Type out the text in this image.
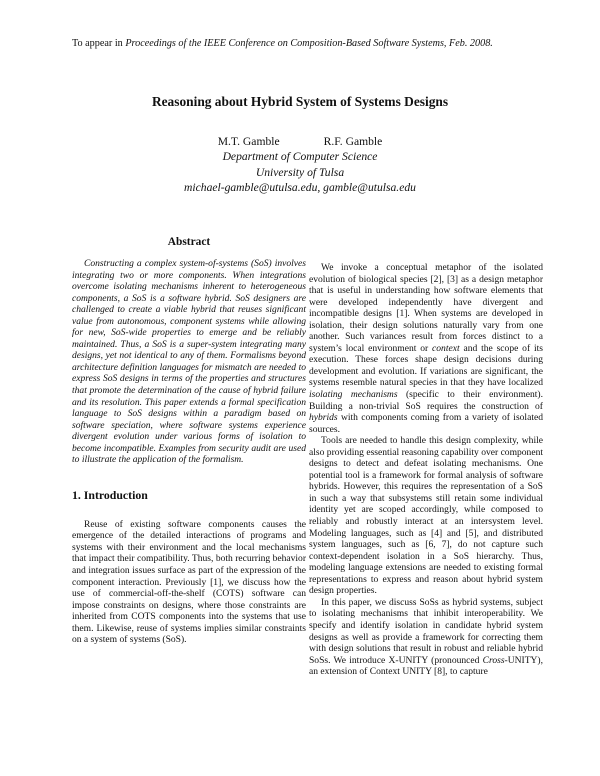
To appear in Proceedings of the IEEE Conference on Composition-Based Software Systems, Feb. 2008.
Reasoning about Hybrid System of Systems Designs
M.T. Gamble	R.F. Gamble
Department of Computer Science
University of Tulsa
michael-gamble@utulsa.edu, gamble@utulsa.edu
Abstract

Constructing a complex system-of-systems (SoS) involves integrating two or more components. When integrations overcome isolating mechanisms inherent to heterogeneous components, a SoS is a software hybrid. SoS designers are challenged to create a viable hybrid that reuses significant value from autonomous, component systems while allowing for new, SoS-wide properties to emerge and be reliably maintained. Thus, a SoS is a super-system integrating many designs, yet not identical to any of them. Formalisms beyond architecture definition languages for mismatch are needed to express SoS designs in terms of the properties and structures that promote the determination of the cause of hybrid failure and its resolution. This paper extends a formal specification language to SoS designs within a paradigm based on software speciation, where software systems experience divergent evolution under various forms of isolation to become incompatible. Examples from security audit are used to illustrate the application of the formalism.

1. Introduction

Reuse of existing software components causes the emergence of the detailed interactions of programs and systems with their environment and the local mechanisms that impact their compatibility. Thus, both recurring behavior and integration issues surface as part of the expression of the component interaction. Previously [1], we discuss how the use of commercial-off-the-shelf (COTS) software can impose constraints on designs, where those constraints are inherited from COTS components into the systems that use them. Likewise, reuse of systems implies similar constraints on a system of systems (SoS).

We invoke a conceptual metaphor of the isolated evolution of biological species [2], [3] as a design metaphor that is useful in understanding how software elements that were developed independently have divergent and incompatible designs [1]. When systems are developed in isolation, their design solutions naturally vary from one another. Such variances result from forces distinct to a system’s local environment or context and the scope of its execution. These forces shape design decisions during development and evolution. If variations are significant, the systems resemble natural species in that they have localized isolating mechanisms (specific to their environment). Building a non-trivial SoS requires the construction of hybrids with components coming from a variety of isolated sources.

Tools are needed to handle this design complexity, while also providing essential reasoning capability over component designs to detect and defeat isolating mechanisms. One potential tool is a framework for formal analysis of software hybrids. However, this requires the representation of a SoS in such a way that subsystems still retain some individual identity yet are scoped accordingly, while composed to reliably and robustly interact at an intersystem level. Modeling languages, such as [4] and [5], and distributed system languages, such as [6, 7], do not capture such context-dependent isolation in a SoS hierarchy. Thus, modeling language extensions are needed to existing formal representations to express and reason about hybrid system design properties.

In this paper, we discuss SoSs as hybrid systems, subject to isolating mechanisms that inhibit interoperability. We specify and identify isolation in candidate hybrid system designs as well as provide a framework for correcting them with design solutions that result in robust and reliable hybrid SoSs. We introduce X-UNITY (pronounced Cross-UNITY), an extension of Context UNITY [8], to capture
